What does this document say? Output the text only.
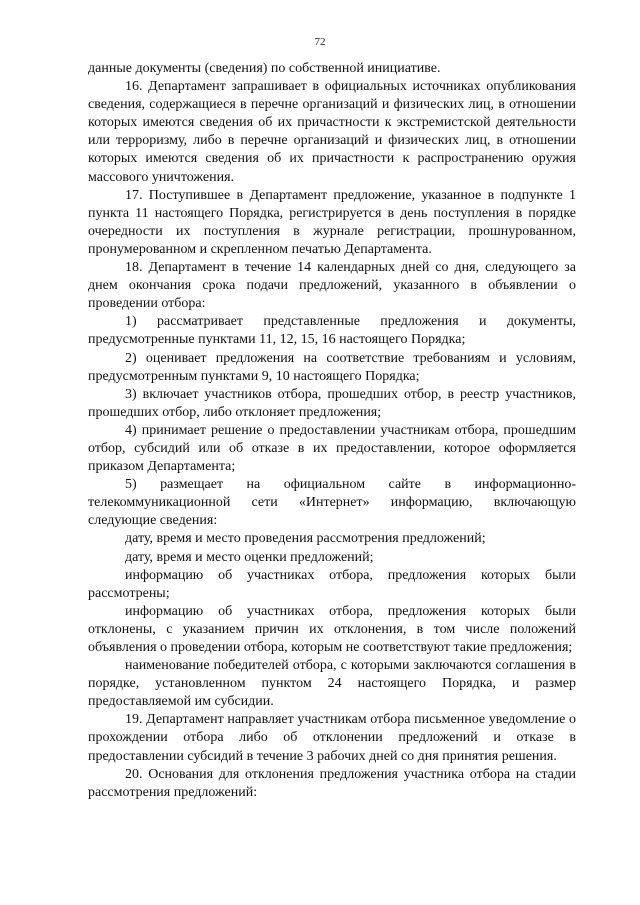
72

данные документы (сведения) по собственной инициативе.

16. Департамент запрашивает в официальных источниках опубликования сведения, содержащиеся в перечне организаций и физических лиц, в отношении которых имеются сведения об их причастности к экстремистской деятельности или терроризму, либо в перечне организаций и физических лиц, в отношении которых имеются сведения об их причастности к распространению оружия массового уничтожения.

17. Поступившее в Департамент предложение, указанное в подпункте 1 пункта 11 настоящего Порядка, регистрируется в день поступления в порядке очередности их поступления в журнале регистрации, прошнурованном, пронумерованном и скрепленном печатью Департамента.

18. Департамент в течение 14 календарных дней со дня, следующего за днем окончания срока подачи предложений, указанного в объявлении о проведении отбора:

1) рассматривает представленные предложения и документы, предусмотренные пунктами 11, 12, 15, 16 настоящего Порядка;

2) оценивает предложения на соответствие требованиям и условиям, предусмотренным пунктами 9, 10 настоящего Порядка;

3) включает участников отбора, прошедших отбор, в реестр участников, прошедших отбор, либо отклоняет предложения;

4) принимает решение о предоставлении участникам отбора, прошедшим отбор, субсидий или об отказе в их предоставлении, которое оформляется приказом Департамента;

5) размещает на официальном сайте в информационно-телекоммуникационной сети «Интернет» информацию, включающую следующие сведения:

дату, время и место проведения рассмотрения предложений;

дату, время и место оценки предложений;

информацию об участниках отбора, предложения которых были рассмотрены;

информацию об участниках отбора, предложения которых были отклонены, с указанием причин их отклонения, в том числе положений объявления о проведении отбора, которым не соответствуют такие предложения;

наименование победителей отбора, с которыми заключаются соглашения в порядке, установленном пунктом 24 настоящего Порядка, и размер предоставляемой им субсидии.

19. Департамент направляет участникам отбора письменное уведомление о прохождении отбора либо об отклонении предложений и отказе в предоставлении субсидий в течение 3 рабочих дней со дня принятия решения.

20. Основания для отклонения предложения участника отбора на стадии рассмотрения предложений:
